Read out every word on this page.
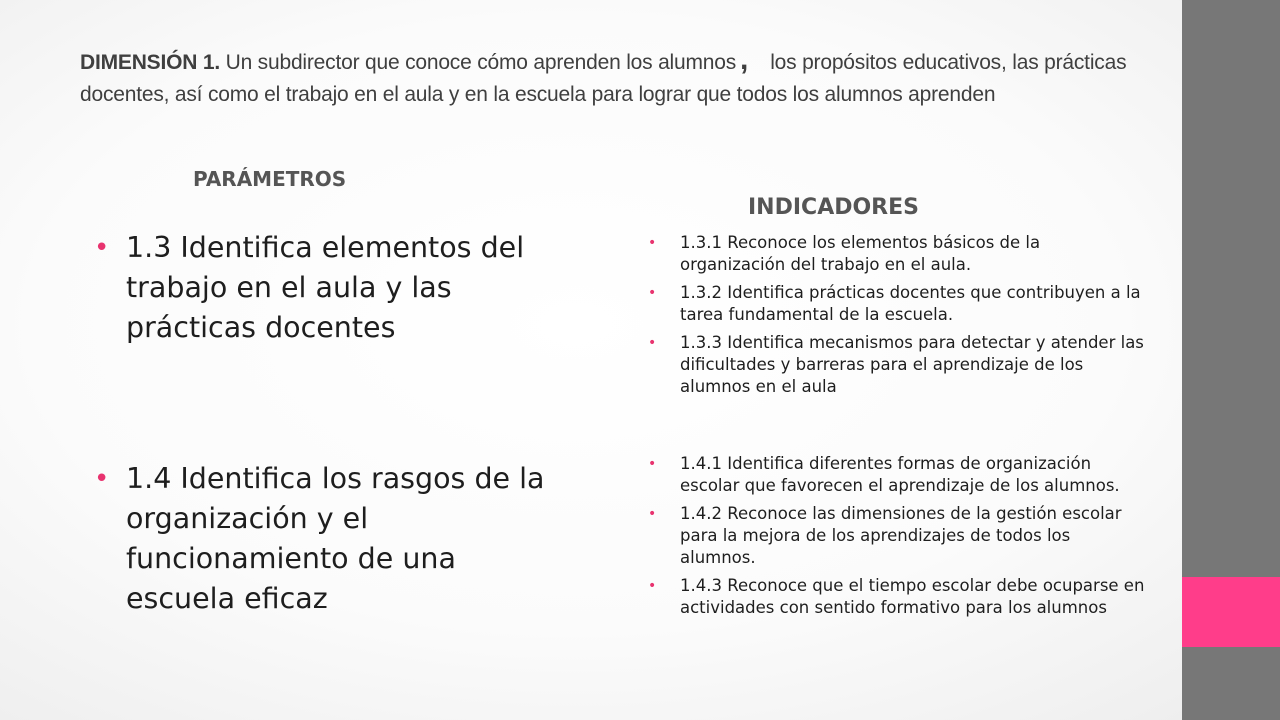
DIMENSIÓN 1. Un subdirector que conoce cómo aprenden los alumnos , los propósitos educativos, las prácticas docentes, así como el trabajo en el aula y en la escuela para lograr que todos los alumnos aprenden
PARÁMETROS
INDICADORES
• 1.3 Identifica elementos del trabajo en el aula y las prácticas docentes
• 1.4 Identifica los rasgos de la organización y el funcionamiento de una escuela eficaz
• 1.3.1 Reconoce los elementos básicos de la organización del trabajo en el aula.
• 1.3.2 Identifica prácticas docentes que contribuyen a la tarea fundamental de la escuela.
• 1.3.3 Identifica mecanismos para detectar y atender las dificultades y barreras para el aprendizaje de los alumnos en el aula
• 1.4.1 Identifica diferentes formas de organización escolar que favorecen el aprendizaje de los alumnos.
• 1.4.2 Reconoce las dimensiones de la gestión escolar para la mejora de los aprendizajes de todos los alumnos.
• 1.4.3 Reconoce que el tiempo escolar debe ocuparse en actividades con sentido formativo para los alumnos
